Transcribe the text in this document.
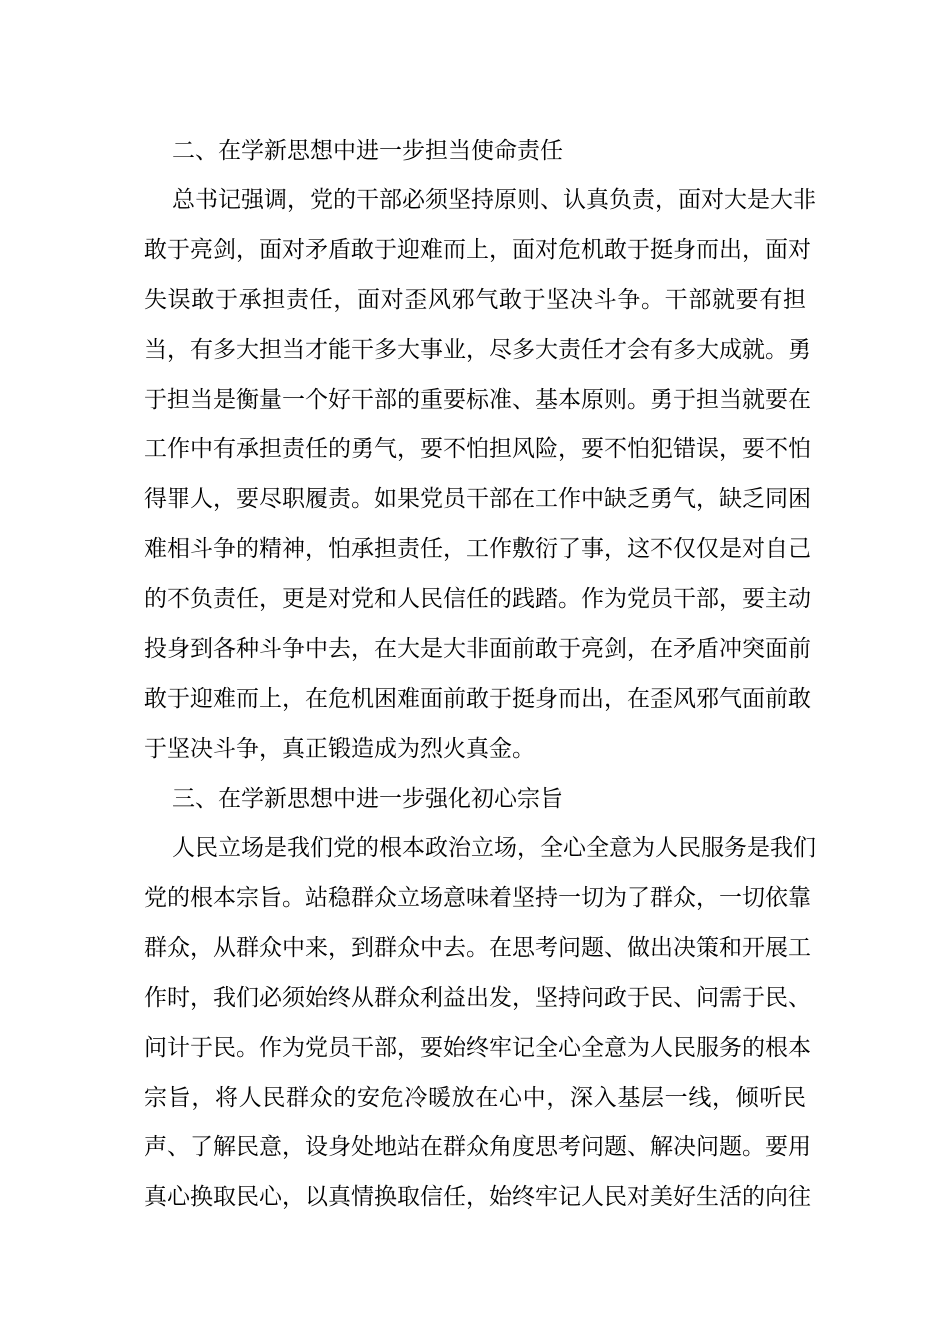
二、在学新思想中进一步担当使命责任
总书记强调，党的干部必须坚持原则、认真负责，面对大是大非
敢于亮剑，面对矛盾敢于迎难而上，面对危机敢于挺身而出，面对
失误敢于承担责任，面对歪风邪气敢于坚决斗争。干部就要有担
当，有多大担当才能干多大事业，尽多大责任才会有多大成就。勇
于担当是衡量一个好干部的重要标准、基本原则。勇于担当就要在
工作中有承担责任的勇气，要不怕担风险，要不怕犯错误，要不怕
得罪人，要尽职履责。如果党员干部在工作中缺乏勇气，缺乏同困
难相斗争的精神，怕承担责任，工作敷衍了事，这不仅仅是对自己
的不负责任，更是对党和人民信任的践踏。作为党员干部，要主动
投身到各种斗争中去，在大是大非面前敢于亮剑，在矛盾冲突面前
敢于迎难而上，在危机困难面前敢于挺身而出，在歪风邪气面前敢
于坚决斗争，真正锻造成为烈火真金。
三、在学新思想中进一步强化初心宗旨
人民立场是我们党的根本政治立场，全心全意为人民服务是我们
党的根本宗旨。站稳群众立场意味着坚持一切为了群众，一切依靠
群众，从群众中来，到群众中去。在思考问题、做出决策和开展工
作时，我们必须始终从群众利益出发，坚持问政于民、问需于民、
问计于民。作为党员干部，要始终牢记全心全意为人民服务的根本
宗旨，将人民群众的安危冷暖放在心中，深入基层一线，倾听民
声、了解民意，设身处地站在群众角度思考问题、解决问题。要用
真心换取民心，以真情换取信任，始终牢记人民对美好生活的向往
